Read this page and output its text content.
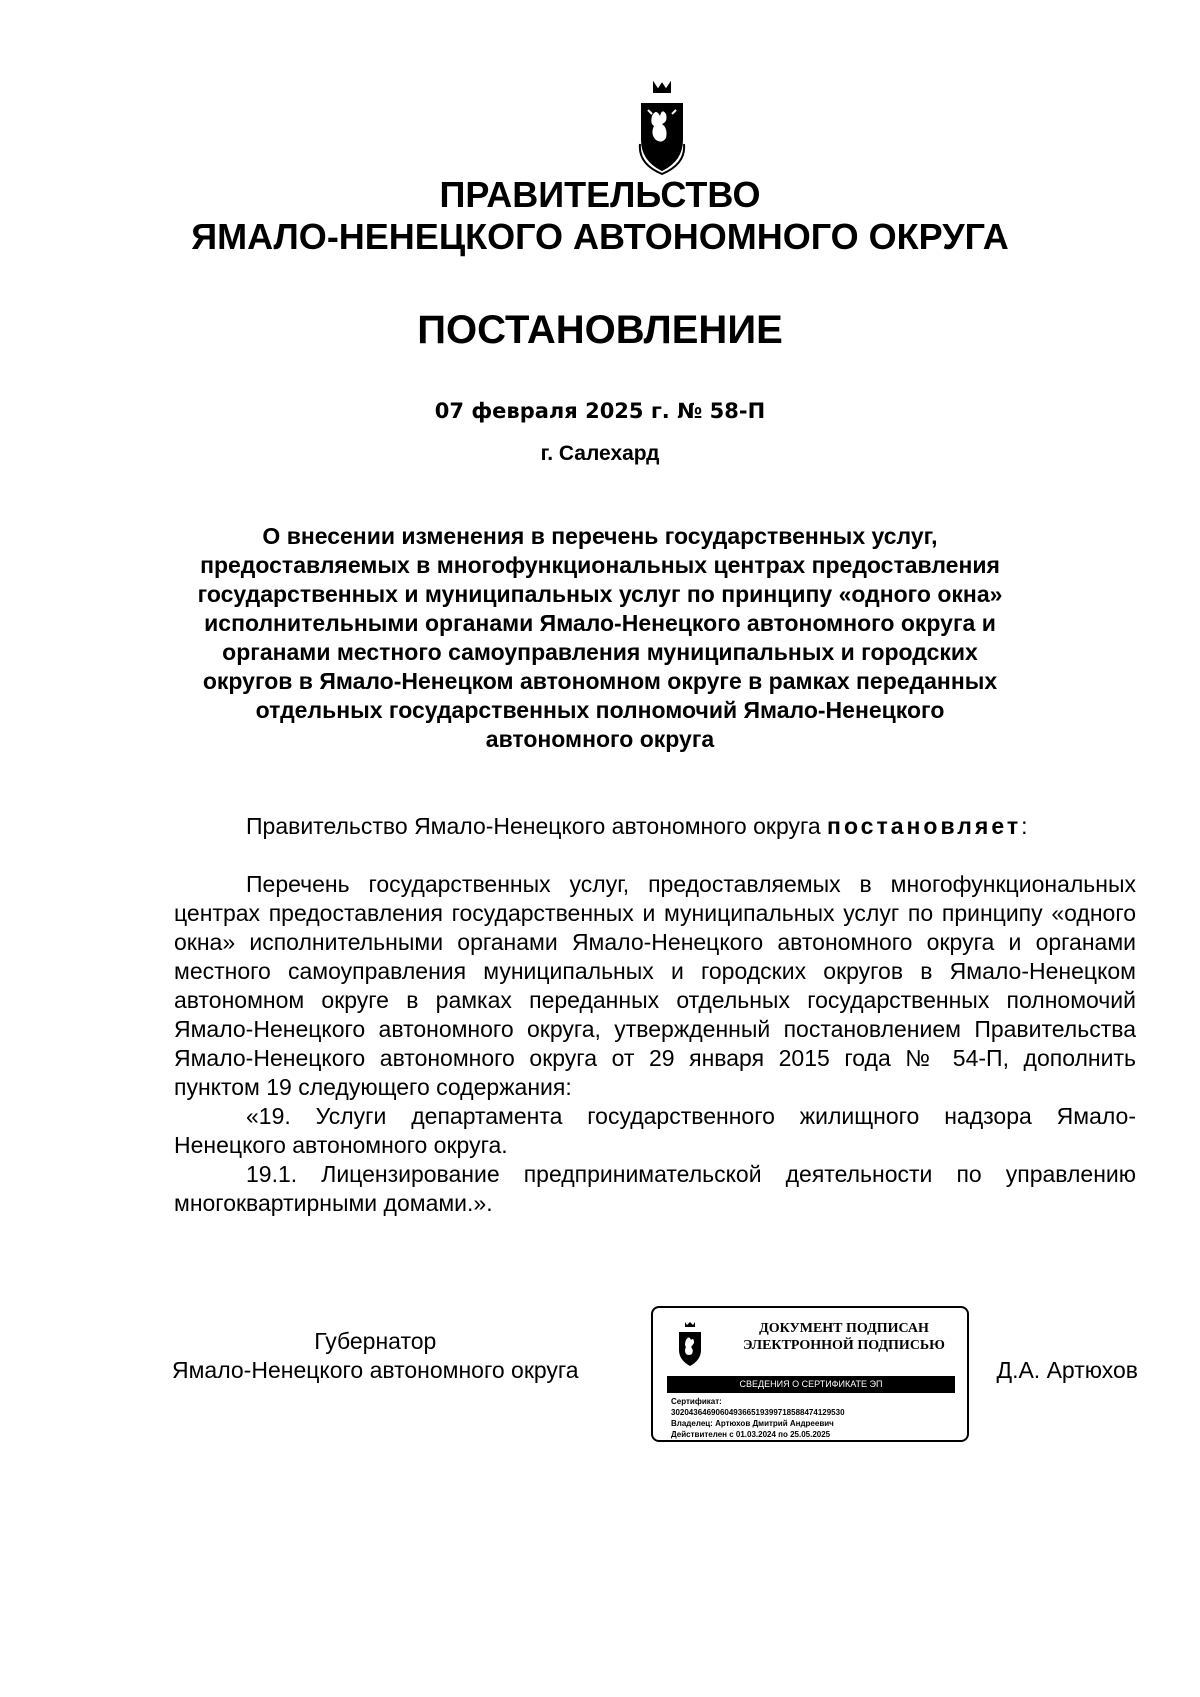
ПРАВИТЕЛЬСТВО
ЯМАЛО-НЕНЕЦКОГО АВТОНОМНОГО ОКРУГА
ПОСТАНОВЛЕНИЕ
07 февраля 2025 г. № 58-П
г. Салехард
О внесении изменения в перечень государственных услуг, предоставляемых в многофункциональных центрах предоставления государственных и муниципальных услуг по принципу «одного окна» исполнительными органами Ямало-Ненецкого автономного округа и органами местного самоуправления муниципальных и городских округов в Ямало-Ненецком автономном округе в рамках переданных отдельных государственных полномочий Ямало-Ненецкого автономного округа

Правительство Ямало-Ненецкого автономного округа постановляет:

Перечень государственных услуг, предоставляемых в многофункциональных центрах предоставления государственных и муниципальных услуг по принципу «одного окна» исполнительными органами Ямало-Ненецкого автономного округа и органами местного самоуправления муниципальных и городских округов в Ямало-Ненецком автономном округе в рамках переданных отдельных государственных полномочий Ямало-Ненецкого автономного округа, утвержденный постановлением Правительства Ямало-Ненецкого автономного округа от 29 января 2015 года № 54-П, дополнить пунктом 19 следующего содержания:

«19. Услуги департамента государственного жилищного надзора Ямало-Ненецкого автономного округа.

19.1. Лицензирование предпринимательской деятельности по управлению многоквартирными домами.».

Губернатор
Ямало-Ненецкого автономного округа
ДОКУМЕНТ ПОДПИСАН
ЭЛЕКТРОННОЙ ПОДПИСЬЮ
СВЕДЕНИЯ О СЕРТИФИКАТЕ ЭП
Сертификат:
302043646906049366519399718588474129530
Владелец: Артюхов Дмитрий Андреевич
Действителен с 01.03.2024 по 25.05.2025
Д.А. Артюхов
